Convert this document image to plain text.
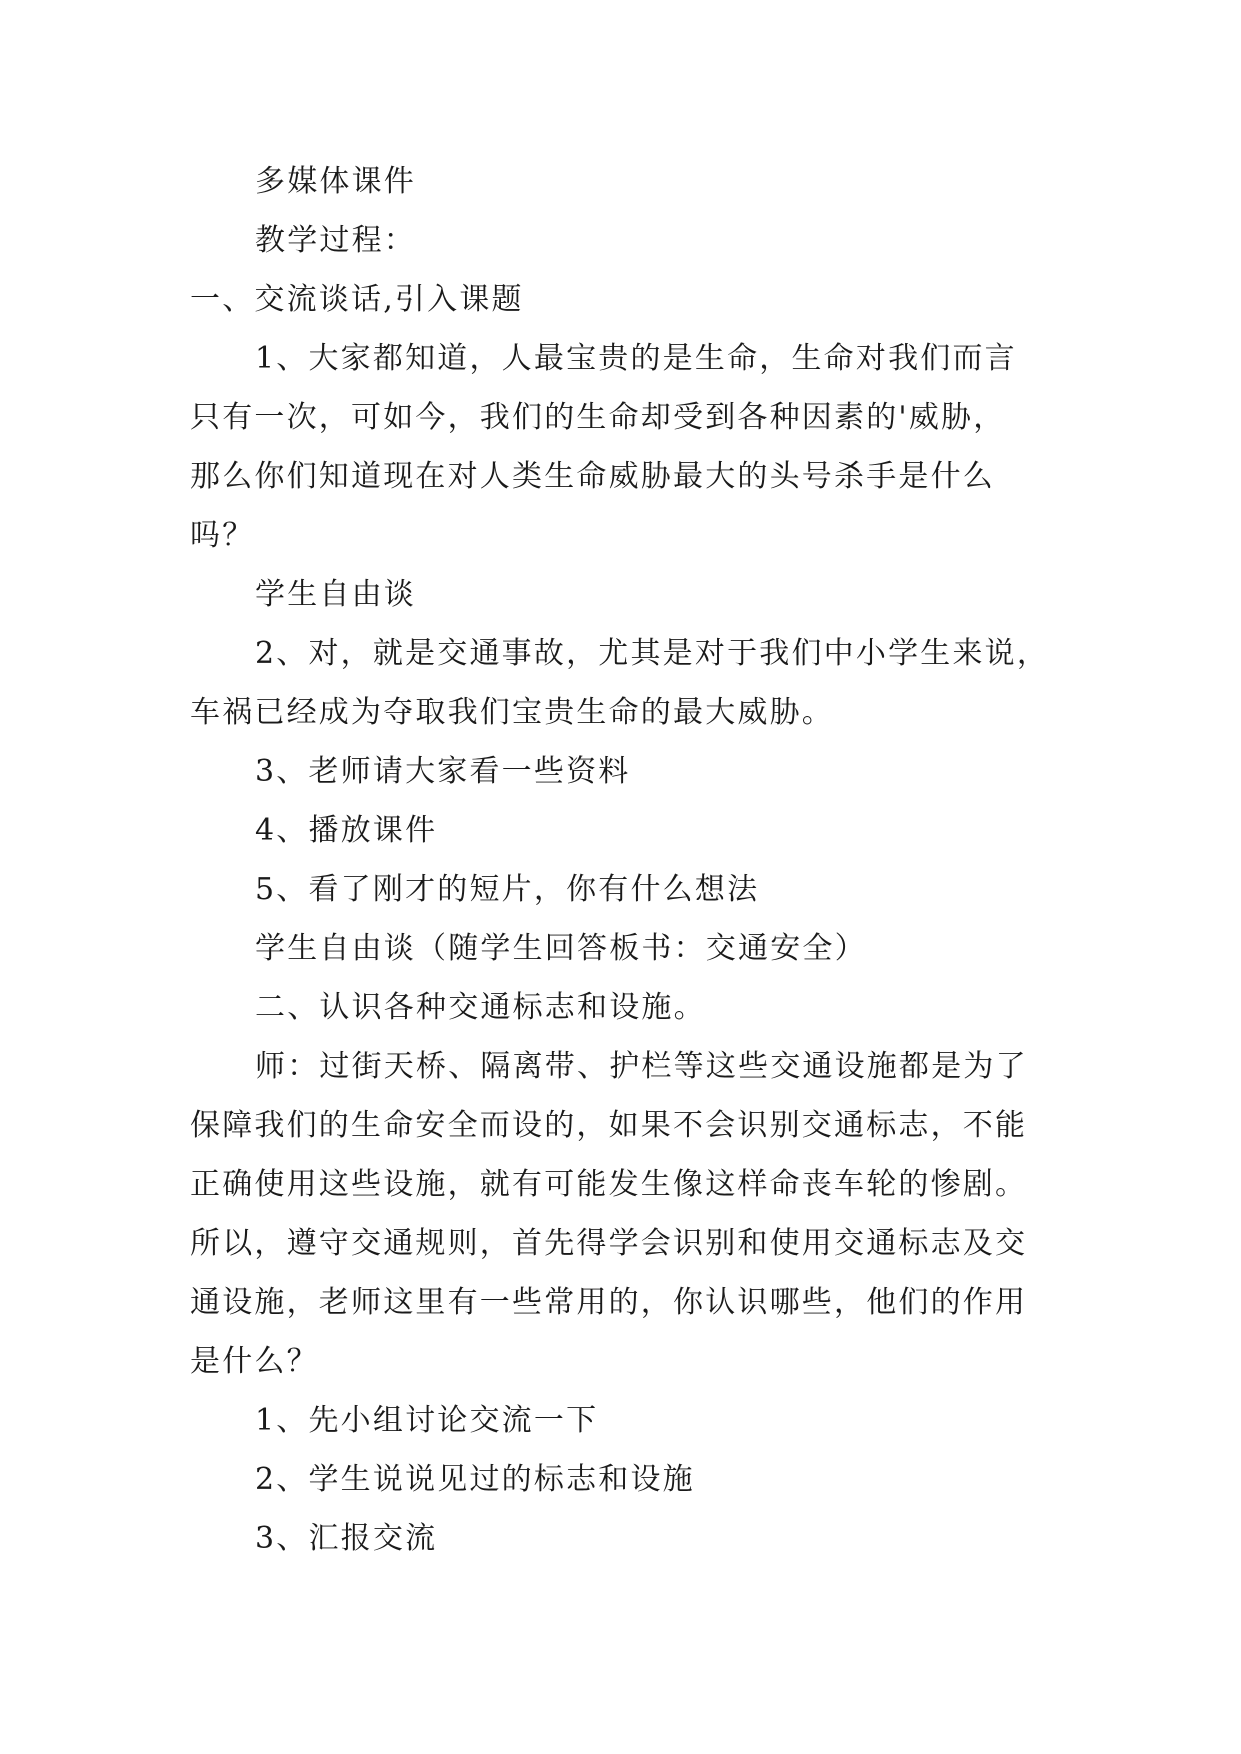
多媒体课件
教学过程：
一、交流谈话,引入课题
1、大家都知道，人最宝贵的是生命，生命对我们而言
只有一次，可如今，我们的生命却受到各种因素的'威胁，
那么你们知道现在对人类生命威胁最大的头号杀手是什么
吗？
学生自由谈
2、对，就是交通事故，尤其是对于我们中小学生来说，
车祸已经成为夺取我们宝贵生命的最大威胁。
3、老师请大家看一些资料
4、播放课件
5、看了刚才的短片，你有什么想法
学生自由谈（随学生回答板书：交通安全）
二、认识各种交通标志和设施。
师：过街天桥、隔离带、护栏等这些交通设施都是为了
保障我们的生命安全而设的，如果不会识别交通标志，不能
正确使用这些设施，就有可能发生像这样命丧车轮的惨剧。
所以，遵守交通规则，首先得学会识别和使用交通标志及交
通设施，老师这里有一些常用的，你认识哪些，他们的作用
是什么？
1、先小组讨论交流一下
2、学生说说见过的标志和设施
3、汇报交流
